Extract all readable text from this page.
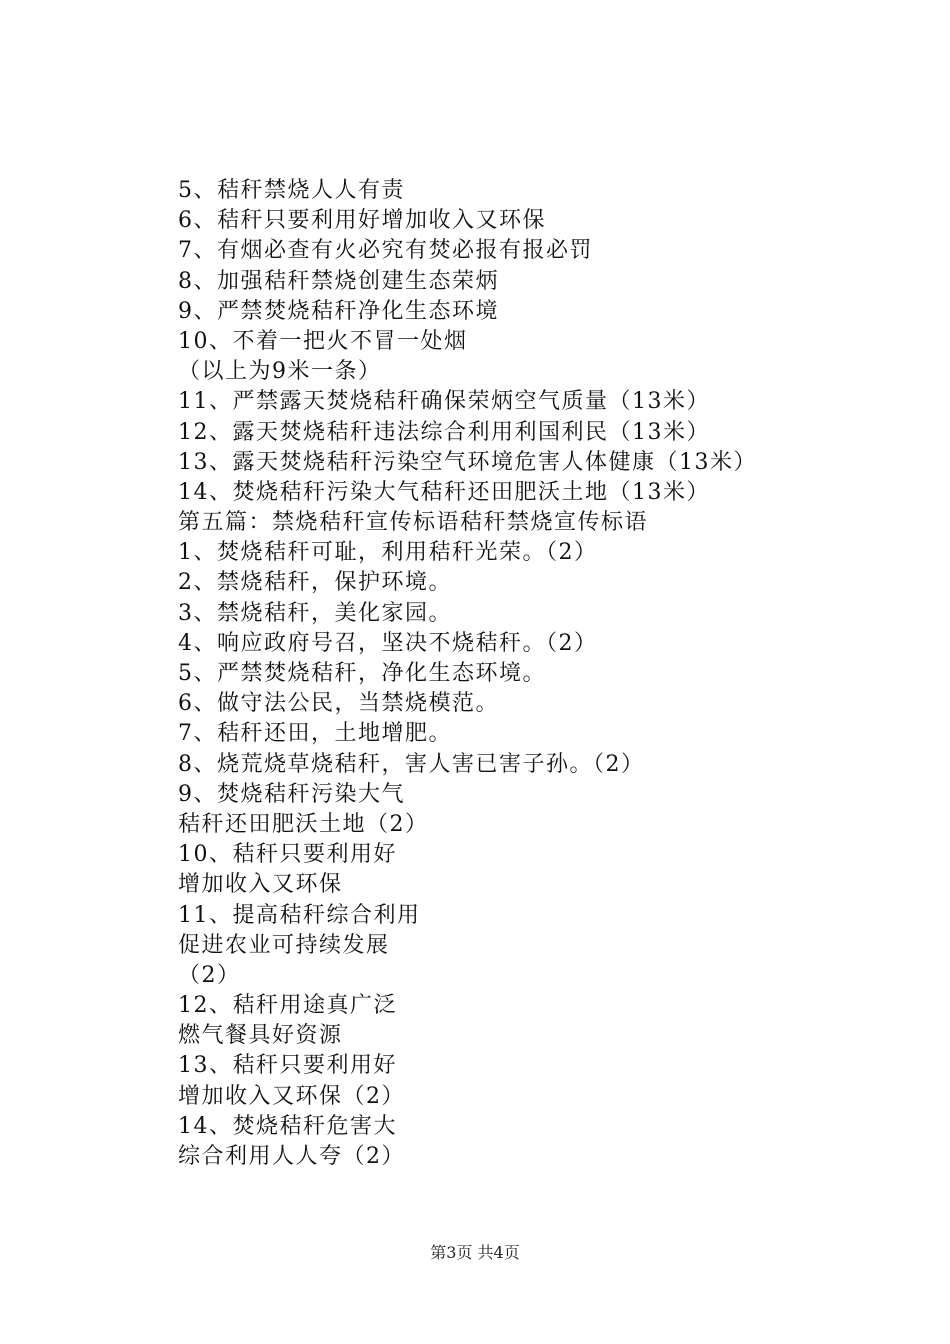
5、秸秆禁烧人人有责
6、秸秆只要利用好增加收入又环保
7、有烟必查有火必究有焚必报有报必罚
8、加强秸秆禁烧创建生态荣炳
9、严禁焚烧秸秆净化生态环境
10、不着一把火不冒一处烟
（以上为9米一条）
11、严禁露天焚烧秸秆确保荣炳空气质量（13米）
12、露天焚烧秸秆违法综合利用利国利民（13米）
13、露天焚烧秸秆污染空气环境危害人体健康（13米）
14、焚烧秸秆污染大气秸秆还田肥沃土地（13米）
第五篇：禁烧秸秆宣传标语秸秆禁烧宣传标语
1、焚烧秸秆可耻，利用秸秆光荣。（2）
2、禁烧秸秆，保护环境。
3、禁烧秸秆，美化家园。
4、响应政府号召，坚决不烧秸秆。（2）
5、严禁焚烧秸秆，净化生态环境。
6、做守法公民，当禁烧模范。
7、秸秆还田，土地增肥。
8、烧荒烧草烧秸秆，害人害已害子孙。（2）
9、焚烧秸秆污染大气
秸秆还田肥沃土地（2）
10、秸秆只要利用好
增加收入又环保
11、提高秸秆综合利用
促进农业可持续发展
（2）
12、秸秆用途真广泛
燃气餐具好资源
13、秸秆只要利用好
增加收入又环保（2）
14、焚烧秸秆危害大
综合利用人人夸（2）
第3页 共4页
